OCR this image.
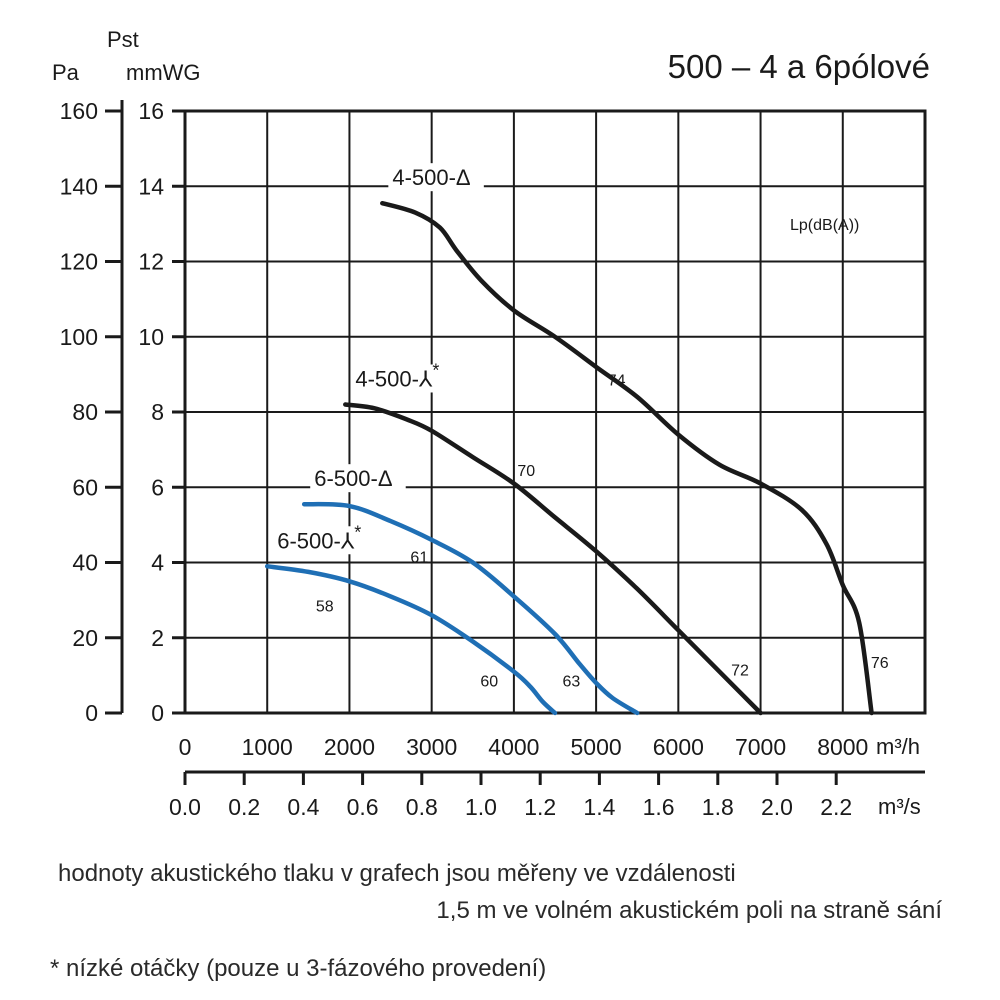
0 0
20 2
40 4
60 6
80 8
100 10
120 12
140 14
160 16
0 1000 2000 3000 4000 5000 6000 7000 8000
0.0 0.2 0.4 0.6 0.8 1.0 1.2 1.4 1.6 1.8 2.0 2.2
4-500-Δ
74
76
4-500-⅄*
70
72
6-500-Δ
61
63
6-500-⅄*
58
60
500 – 4 a 6pólové
Pa
Pst
mmWG
Lp(dB(A))
m³/h
m³/s
hodnoty akustického tlaku v grafech jsou měřeny ve vzdálenosti
1,5 m ve volném akustickém poli na straně sání
* nízké otáčky (pouze u 3-fázového provedení)
